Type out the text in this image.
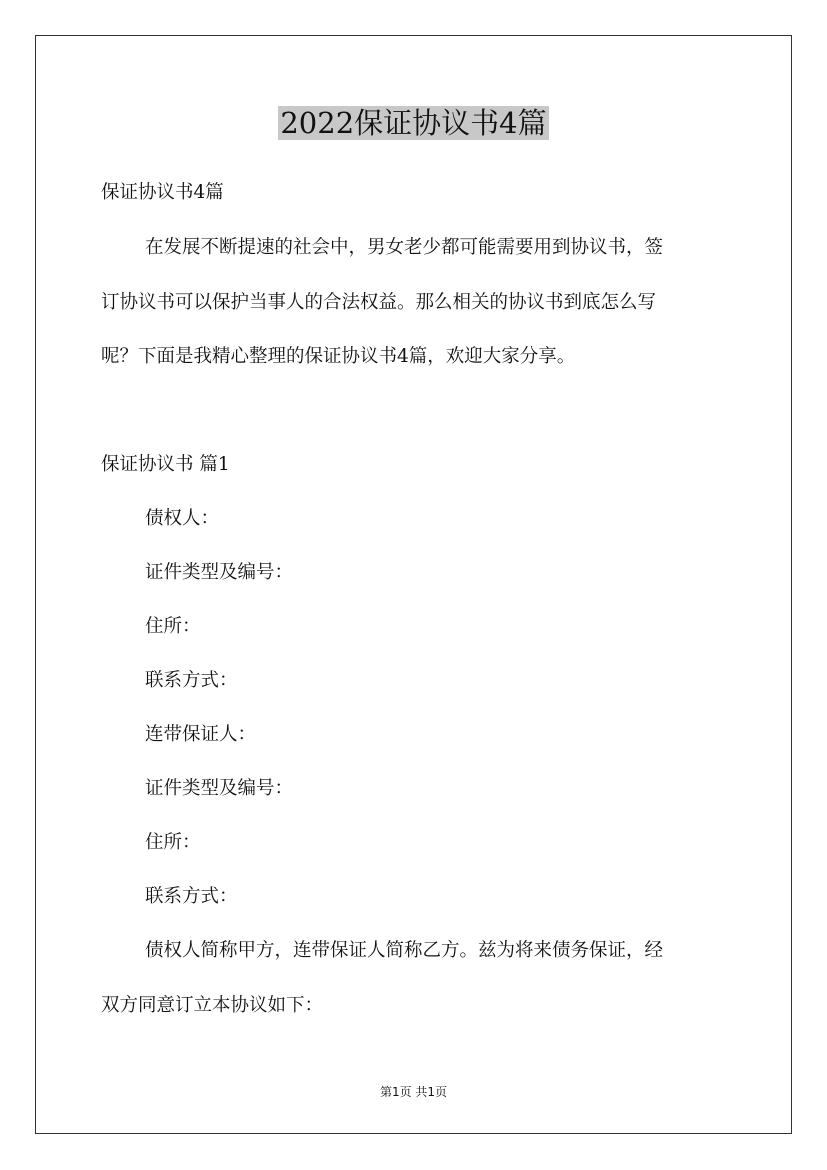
2022保证协议书4篇
保证协议书4篇
在发展不断提速的社会中，男女老少都可能需要用到协议书，签
订协议书可以保护当事人的合法权益。那么相关的协议书到底怎么写
呢？下面是我精心整理的保证协议书4篇，欢迎大家分享。
保证协议书 篇1
债权人：
证件类型及编号：
住所：
联系方式：
连带保证人：
证件类型及编号：
住所：
联系方式：
债权人简称甲方，连带保证人简称乙方。兹为将来债务保证，经
双方同意订立本协议如下：
第1页 共1页
